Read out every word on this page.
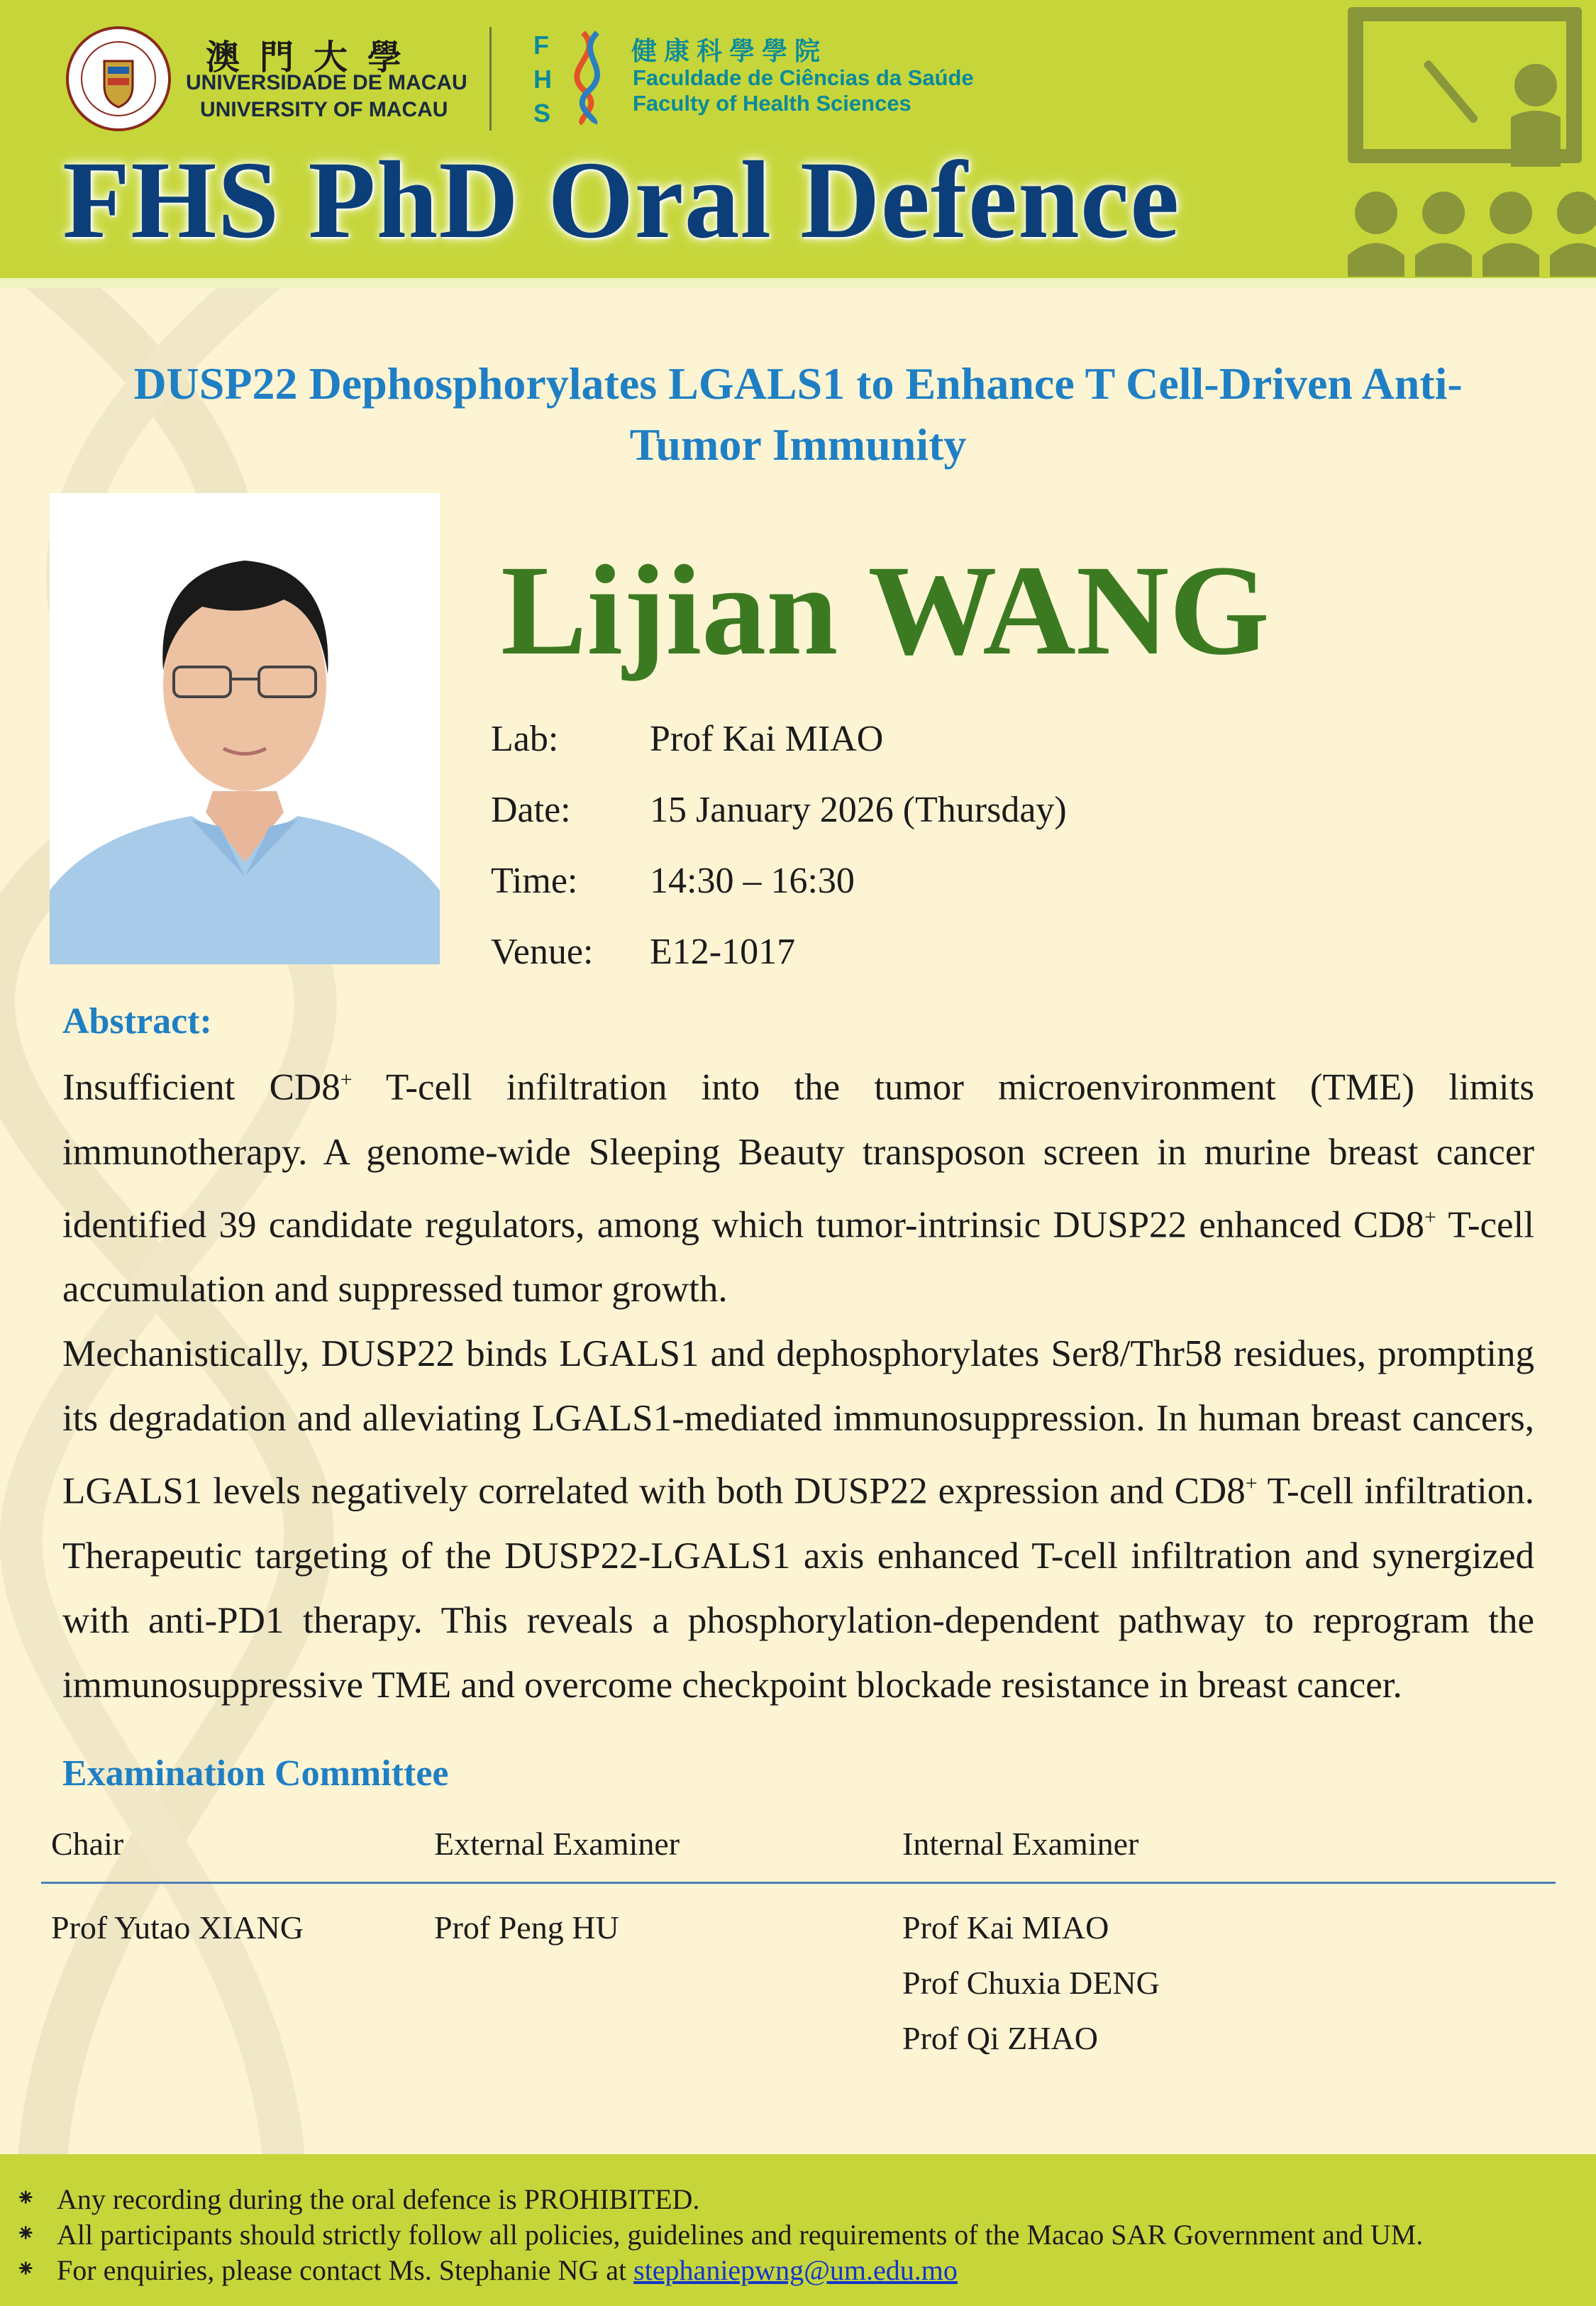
澳門大學
UNIVERSIDADE DE MACAU
UNIVERSITY OF MACAU
F
H
S
健康科學學院
Faculdade de Ciências da Saúde
Faculty of Health Sciences
FHS PhD Oral Defence
DUSP22 Dephosphorylates LGALS1 to Enhance T Cell-Driven Anti-
Tumor Immunity
Lijian WANG
Lab: Prof Kai MIAO
Date: 15 January 2026 (Thursday)
Time: 14:30 – 16:30
Venue: E12-1017
Abstract:

Insufficient CD8+ T-cell infiltration into the tumor microenvironment (TME) limits immunotherapy. A genome-wide Sleeping Beauty transposon screen in murine breast cancer identified 39 candidate regulators, among which tumor-intrinsic DUSP22 enhanced CD8+ T-cell accumulation and suppressed tumor growth.

Mechanistically, DUSP22 binds LGALS1 and dephosphorylates Ser8/Thr58 residues, prompting its degradation and alleviating LGALS1-mediated immunosuppression. In human breast cancers, LGALS1 levels negatively correlated with both DUSP22 expression and CD8+ T-cell infiltration. Therapeutic targeting of the DUSP22-LGALS1 axis enhanced T-cell infiltration and synergized with anti-PD1 therapy. This reveals a phosphorylation-dependent pathway to reprogram the immunosuppressive TME and overcome checkpoint blockade resistance in breast cancer.

Examination Committee
Chair	External Examiner	Internal Examiner
Prof Yutao XIANG	Prof Peng HU	Prof Kai MIAO
Prof Chuxia DENG
Prof Qi ZHAO
⁕ Any recording during the oral defence is PROHIBITED.
⁕ All participants should strictly follow all policies, guidelines and requirements of the Macao SAR Government and UM.
⁕ For enquiries, please contact Ms. Stephanie NG at stephaniepwng@um.edu.mo
